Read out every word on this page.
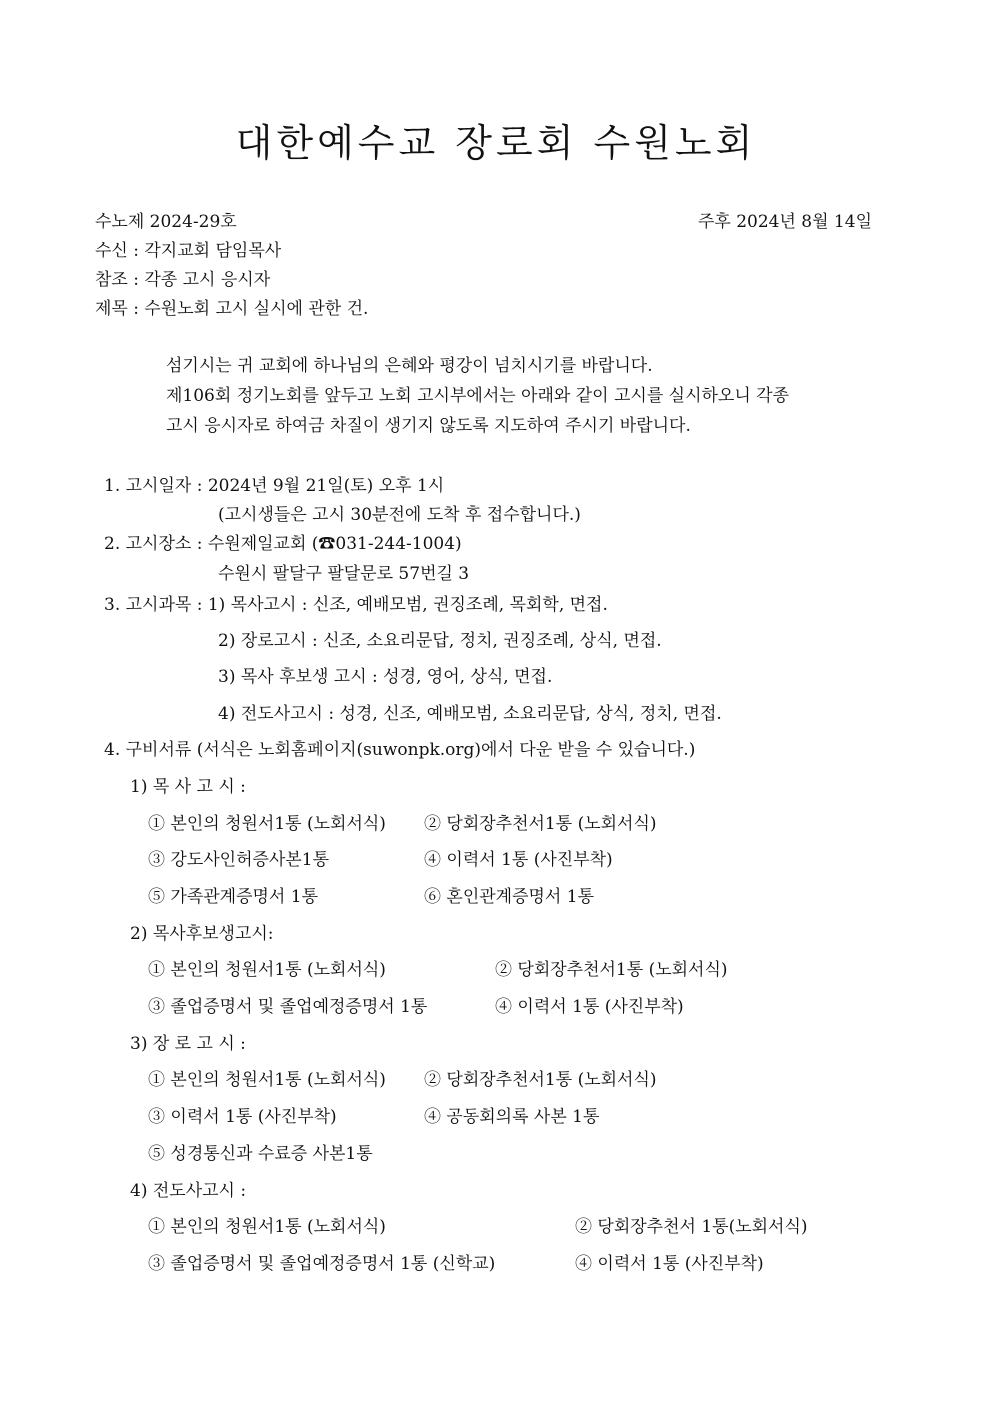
대한예수교 장로회 수원노회
수노제 2024-29호	주후 2024년 8월 14일
수신 : 각지교회 담임목사
참조 : 각종 고시 응시자
제목 : 수원노회 고시 실시에 관한 건.
섬기시는 귀 교회에 하나님의 은혜와 평강이 넘치시기를 바랍니다.
제106회 정기노회를 앞두고 노회 고시부에서는 아래와 같이 고시를 실시하오니 각종
고시 응시자로 하여금 차질이 생기지 않도록 지도하여 주시기 바랍니다.
1. 고시일자 : 2024년 9월 21일(토) 오후 1시
(고시생들은 고시 30분전에 도착 후 접수합니다.)
2. 고시장소 : 수원제일교회 (☎031-244-1004)
수원시 팔달구 팔달문로 57번길 3
3. 고시과목 : 1) 목사고시 : 신조, 예배모범, 권징조례, 목회학, 면접.
2) 장로고시 : 신조, 소요리문답, 정치, 권징조례, 상식, 면접.
3) 목사 후보생 고시 : 성경, 영어, 상식, 면접.
4) 전도사고시 : 성경, 신조, 예배모범, 소요리문답, 상식, 정치, 면접.
4. 구비서류 (서식은 노회홈페이지(suwonpk.org)에서 다운 받을 수 있습니다.)
1) 목 사 고 시 :
① 본인의 청원서1통 (노회서식) ② 당회장추천서1통 (노회서식)
③ 강도사인허증사본1통	④ 이력서 1통 (사진부착)
⑤ 가족관계증명서 1통	⑥ 혼인관계증명서 1통
2) 목사후보생고시:
① 본인의 청원서1통 (노회서식)	② 당회장추천서1통 (노회서식)
③ 졸업증명서 및 졸업예정증명서 1통	④ 이력서 1통 (사진부착)
3) 장 로 고 시 :
① 본인의 청원서1통 (노회서식) ② 당회장추천서1통 (노회서식)
③ 이력서 1통 (사진부착)	④ 공동회의록 사본 1통
⑤ 성경통신과 수료증 사본1통
4) 전도사고시 :
① 본인의 청원서1통 (노회서식)	② 당회장추천서 1통(노회서식)
③ 졸업증명서 및 졸업예정증명서 1통 (신학교)	④ 이력서 1통 (사진부착)
